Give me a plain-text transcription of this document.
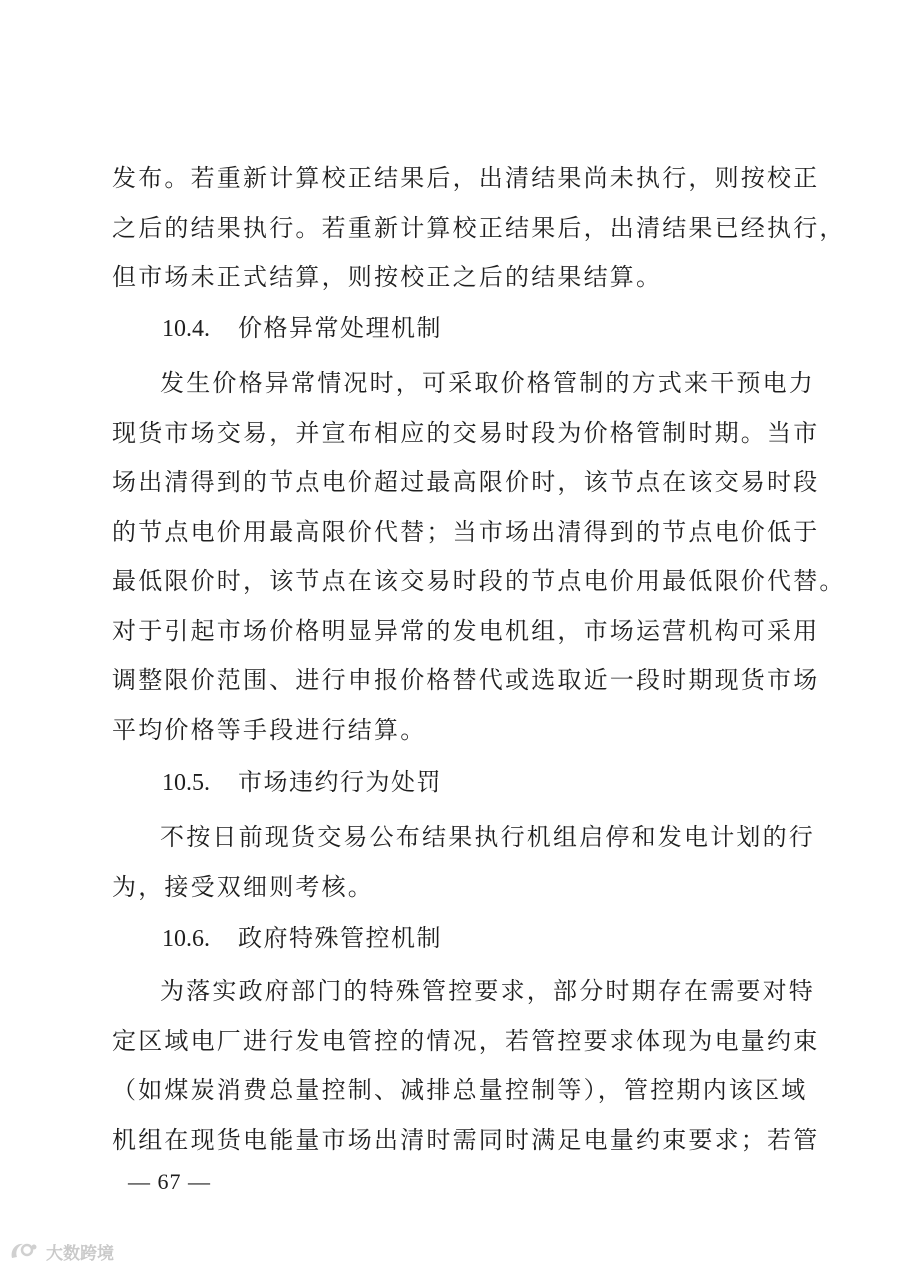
发布。若重新计算校正结果后，出清结果尚未执行，则按校正
之后的结果执行。若重新计算校正结果后，出清结果已经执行，
但市场未正式结算，则按校正之后的结果结算。
10.4. 价格异常处理机制
发生价格异常情况时，可采取价格管制的方式来干预电力
现货市场交易，并宣布相应的交易时段为价格管制时期。当市
场出清得到的节点电价超过最高限价时，该节点在该交易时段
的节点电价用最高限价代替；当市场出清得到的节点电价低于
最低限价时，该节点在该交易时段的节点电价用最低限价代替。
对于引起市场价格明显异常的发电机组，市场运营机构可采用
调整限价范围、进行申报价格替代或选取近一段时期现货市场
平均价格等手段进行结算。
10.5. 市场违约行为处罚
不按日前现货交易公布结果执行机组启停和发电计划的行
为，接受双细则考核。
10.6. 政府特殊管控机制
为落实政府部门的特殊管控要求，部分时期存在需要对特
定区域电厂进行发电管控的情况，若管控要求体现为电量约束
（如煤炭消费总量控制、减排总量控制等），管控期内该区域
机组在现货电能量市场出清时需同时满足电量约束要求；若管
— 67 —
大数跨境
